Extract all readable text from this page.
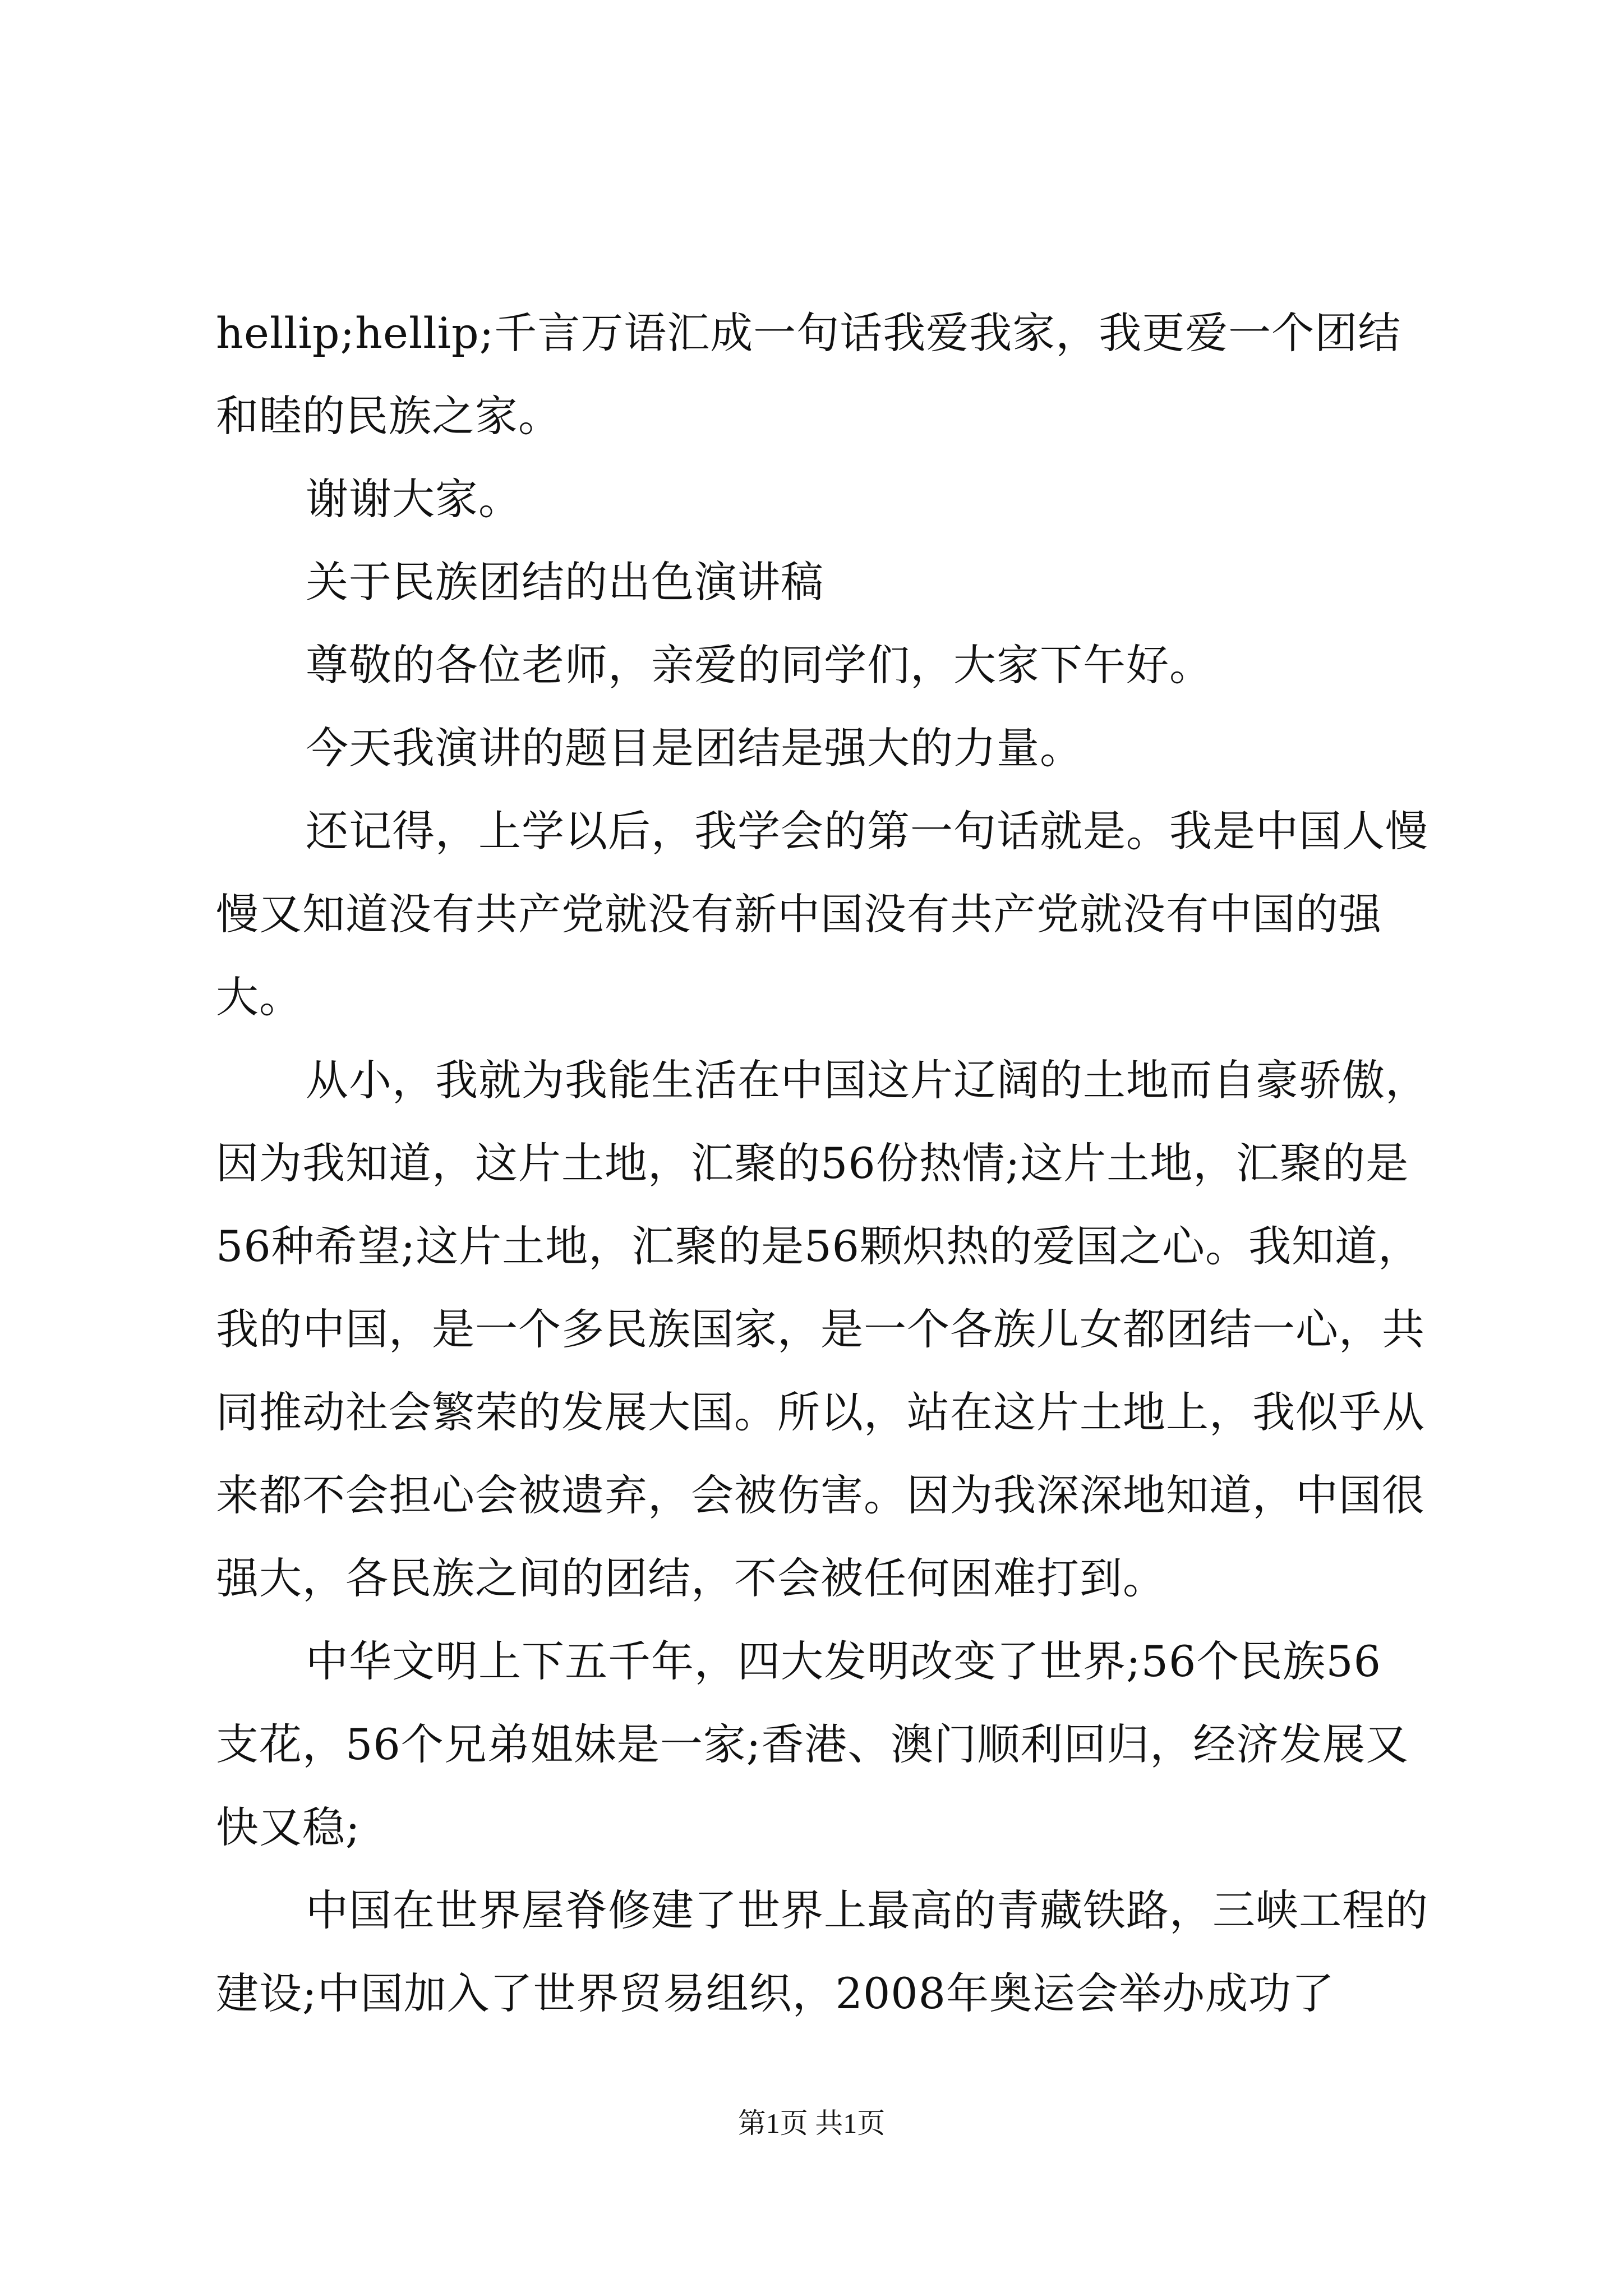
hellip;hellip;千言万语汇成一句话我爱我家，我更爱一个团结
和睦的民族之家。
谢谢大家。
关于民族团结的出色演讲稿
尊敬的各位老师，亲爱的同学们，大家下午好。
今天我演讲的题目是团结是强大的力量。
还记得，上学以后，我学会的第一句话就是。我是中国人慢
慢又知道没有共产党就没有新中国没有共产党就没有中国的强
大。
从小，我就为我能生活在中国这片辽阔的土地而自豪骄傲，
因为我知道，这片土地，汇聚的56份热情;这片土地，汇聚的是
56种希望;这片土地，汇聚的是56颗炽热的爱国之心。我知道，
我的中国，是一个多民族国家，是一个各族儿女都团结一心，共
同推动社会繁荣的发展大国。所以，站在这片土地上，我似乎从
来都不会担心会被遗弃，会被伤害。因为我深深地知道，中国很
强大，各民族之间的团结，不会被任何困难打到。
中华文明上下五千年，四大发明改变了世界;56个民族56
支花，56个兄弟姐妹是一家;香港、澳门顺利回归，经济发展又
快又稳;
中国在世界屋脊修建了世界上最高的青藏铁路，三峡工程的
建设;中国加入了世界贸易组织，2008年奥运会举办成功了
第1页 共1页
